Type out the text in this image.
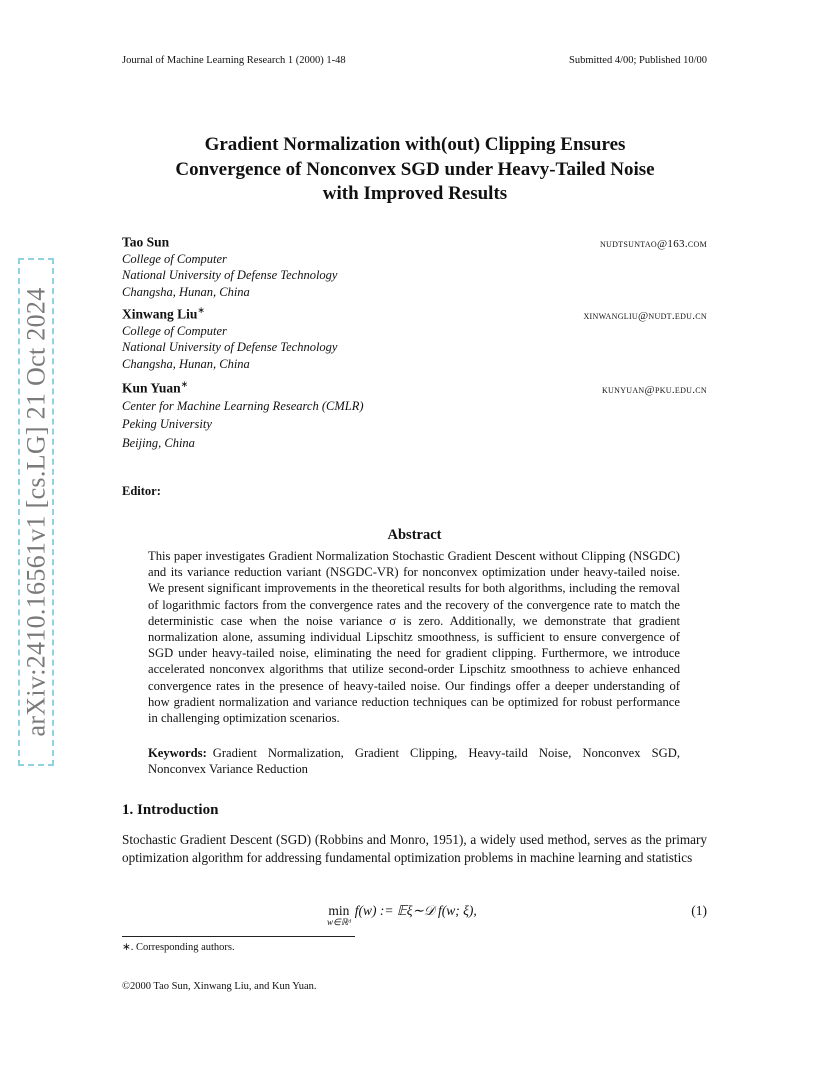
Journal of Machine Learning Research 1 (2000) 1-48	Submitted 4/00; Published 10/00
arXiv:2410.16561v1 [cs.LG] 21 Oct 2024
Gradient Normalization with(out) Clipping Ensures
Convergence of Nonconvex SGD under Heavy-Tailed Noise
with Improved Results
Tao Sun	nudtsuntao@163.com
College of Computer
National University of Defense Technology
Changsha, Hunan, China
Xinwang Liu∗	xinwangliu@nudt.edu.cn
College of Computer
National University of Defense Technology
Changsha, Hunan, China
Kun Yuan∗	kunyuan@pku.edu.cn
Center for Machine Learning Research (CMLR)
Peking University
Beijing, China
Editor:
Abstract
This paper investigates Gradient Normalization Stochastic Gradient Descent without Clipping (NSGDC) and its variance reduction variant (NSGDC-VR) for nonconvex optimization under heavy-tailed noise. We present significant improvements in the theoretical results for both algorithms, including the removal of logarithmic factors from the convergence rates and the recovery of the convergence rate to match the deterministic case when the noise variance σ is zero. Additionally, we demonstrate that gradient normalization alone, assuming individual Lipschitz smoothness, is sufficient to ensure convergence of SGD under heavy-tailed noise, eliminating the need for gradient clipping. Furthermore, we introduce accelerated nonconvex algorithms that utilize second-order Lipschitz smoothness to achieve enhanced convergence rates in the presence of heavy-tailed noise. Our findings offer a deeper understanding of how gradient normalization and variance reduction techniques can be optimized for robust performance in challenging optimization scenarios.
Keywords: Gradient Normalization, Gradient Clipping, Heavy-taild Noise, Nonconvex SGD, Nonconvex Variance Reduction
1. Introduction
Stochastic Gradient Descent (SGD) (Robbins and Monro, 1951), a widely used method, serves as the primary optimization algorithm for addressing fundamental optimization problems in machine learning and statistics
min
w∈ℝᵈ
f(w) := 𝔼ξ∼𝒟 f(w; ξ),	(1)
∗. Corresponding authors.
©2000 Tao Sun, Xinwang Liu, and Kun Yuan.
